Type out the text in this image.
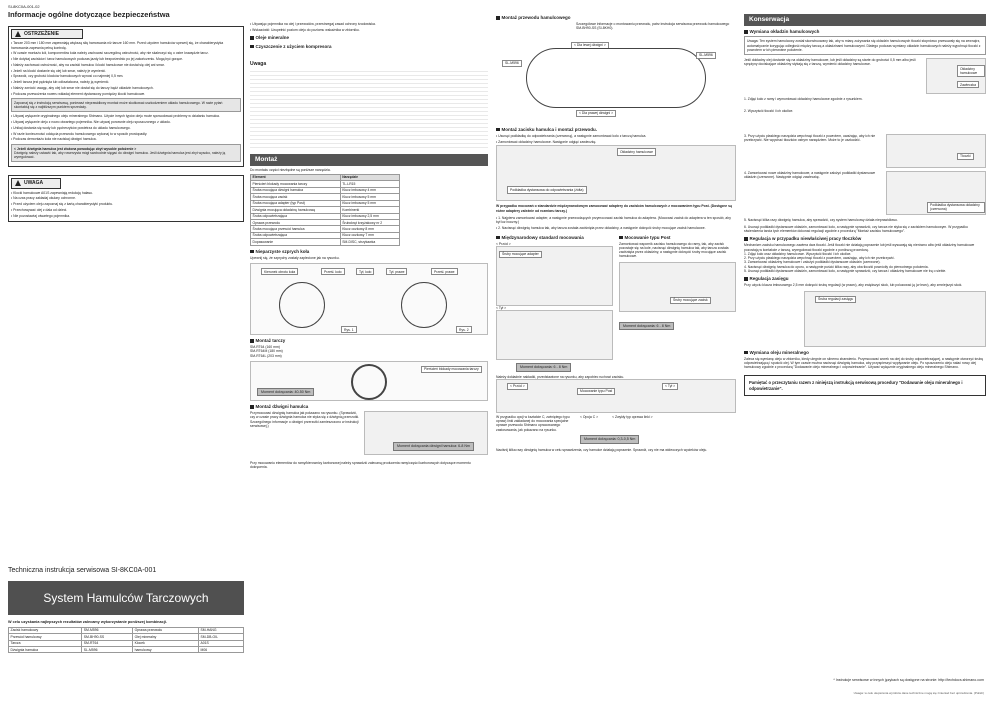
SI-8KC0A-001-02
Informacje ogólne dotyczące bezpieczeństwa
OSTRZEŻENIE
• Tarcze 203 mm i 180 mm zapewniają większą siłę hamowania niż tarcze 160 mm. Przed użyciem hamulców upewnij się, że charakterystyka hamowania zapewnia pełną kontrolę.
• W czasie montażu kół, komponentów koła należy zachować szczególną ostrożność, aby nie skaleczyć się o ostre krawędzie tarcz.
• Nie dotykaj zacisków i tarcz hamulcowych podczas jazdy lub bezpośrednio po jej zakończeniu. Mogą być gorące.
• Należy zachować ostrożność, aby na zaciski hamulca i klocki hamulcowe nie dostał się olej ani smar.
• Jeżeli na klocki dostanie się olej lub smar, należy je wymienić.
• Sprawdź, czy grubość klocków hamulcowych wynosi co najmniej 0,5 mm.
• Jeżeli tarcza jest pęknięta lub odkształcona, należy ją wymienić.
• Należy zwrócić uwagę, aby olej lub smar nie dostał się do tarczy bądź okładzin hamulcowych.
• Podczas przewożenia roweru wkładaj element dystansowy pomiędzy klocki hamulcowe.
Zapoznaj się z instrukcją serwisową, ponieważ nieprawidłowy montaż może skutkować uszkodzeniem układu hamulcowego. W razie pytań skontaktuj się z najbliższym punktem sprzedaży.
• Używaj wyłącznie oryginalnego oleju mineralnego Shimano. Użycie innych typów oleju może spowodować problemy w działaniu hamulca.
• Używaj wyłącznie oleju z nowo otwartego pojemnika. Nie używaj ponownie oleju spuszczonego z układu.
• Unikaj dostania się wody lub pęcherzyków powietrza do układu hamulcowego.
• W razie konieczności odcięcia przewodu hamulcowego wykonaj to w sposób prostopadły.
• Podczas demontażu koła nie naciskaj dźwigni hamulca.
< Jeżeli dźwignia hamulca jest złożona powodując zbyt wysokie położenie >
Dźwignię należy ustawić tak, aby rowerzysta mógł swobodnie sięgać do dźwigni hamulca. Jeśli dźwignia hamulca jest zbyt wysoko, należy ją wyregulować.
UWAGA
• Klocki hamulcowe A01S zapewniają redukcję hałasu.
• Na czas pracy zakładaj okulary ochronne.
• Przed użyciem oleju zapoznaj się z kartą charakterystyki produktu.
• Przechowywać olej z dala od dzieci.
• Nie pozostawiaj otwartego pojemnika.
Techniczna instrukcja serwisowa SI-8KC0A-001
System Hamulców Tarczowych
W celu uzyskania najlepszych rezultatów zalecamy wykorzystanie poniższej kombinacji.
Zacisk hamulcowy	SM-M596	Oprawa przewodu	SM-HANG
Przewód hamulcowy	SM-BH90-SS	Olej mineralny	SM-DB-OIL
Tarcza	SM-RT64	Klocek	A01S
Dźwignia hamulca	SL-M596	hamulcowy	M06
• Używając pojemnika na olej i przewodów, przestrzegaj zasad ochrony środowiska.
• Wskazówki: Uzupełnić poziom oleju do poziomu wskaźnika w zbiorniku.
Oleje mineralne
Czyszczenie z użyciem kompresora
Uwaga
Montaż
Do montażu części niezbędne są poniższe narzędzia.
Element	Narzędzie
Pierścień blokady mocowania tarczy	TL-LR15
Śruba mocująca dźwigni hamulca	Klucz imbusowy 4 mm
Śruba mocująca zacisk	Klucz imbusowy 5 mm
Śruba mocująca adapter (typ Post)	Klucz imbusowy 5 mm
Dźwignia mocująca okładzinę hamulcową	Kombinerki
Śruba odpowietrzająca	Klucz imbusowy 2,5 mm
Oprawa przewodu	Śrubokręt krzyżakowy nr 2
Śruba mocująca przewód hamulca	Klucz oczkowy 8 mm
Śruba odpowietrzająca	Klucz oczkowy 7 mm
Dopasowanie	SM-DISC, strzykawka
Nieparzyste szprych koła
Upewnij się, że szprychy zostały zaplecione jak na rysunku.
Kierunek obrotu koła	Prześl. koło	Tył, koło	Tył. prawe	Prześl. prawe
Rys. 1	Rys. 2
Montaż tarczy
SM-RT64 (160 mm)
SM-RT64M (180 mm)
SM-RT64L (203 mm)
Pierścień blokady mocowania tarczy
Moment dokręcania: 40-50 Nm
Montaż dźwigni hamulca
Przymocować dźwignię hamulca jak pokazano na rysunku. (Sprawdzić, czy w czasie pracy dźwignia hamulca nie styka się z dźwignią przerzutki. Szczególnego informacje o dźwigni przerzutki zamieszczono w instrukcji serwisowej.)
Moment dokręcania dźwigni hamulca: 6-8 Nm
Przy mocowaniu elementów do ramy/kierownicy karbonowej należy sprawdzić zalecaną producenta ramy/części karbonowych dotyczące momentu dokręcenia.
Montaż przewodu hamulcowego
Szczegółowe informacje o montowaniu przewodu, patrz instrukcja serwisowa przewodu hamulcowego SM-BH90-SS (SI-8KH0).
< Dla lewej dźwigni >
SL-M596
SL-M596
< Dla prawej dźwigni >
Montaż zacisku hamulca i montaż przewodu.
• Usunąć podkładkę do odpowietrzania (czerwoną), a następnie zamontować koło z tarczą hamulca.
• Zamontować okładziny hamulcowe. Następnie odgiąć zawleczkę.
Okładziny hamulcowe
Podkładka dystansowa do odpowietrzania (żółta)
W przypadku mocowań o standardzie międzynarodowym zamocować adaptery do zacisków hamulcowych z mocowaniem typu Post. (Dostępne są różne adaptery zależnie od rozmiaru tarczy.)
• 1. Najpierw zamontować adapter, a następnie przewodzących przymocować zacisk hamulca do adaptera. (Mocować zacisk do adaptera w ten sposób, aby był luz boczny.)
• 2. Nacisnąć dźwignię hamulca tak, aby tarcza została zaciśnięta przez okładziny, a następnie dokręcić śruby mocujące zacisk hamulcowe.
Międzynarodowy standard mocowania
< Przód >
Śruby mocujące adapter
< Tył >
Mocowanie typu Post
Zamontować wspornik zacisku hamulcowego do ramy, tak, aby zacisk pozostaje się na kole, nacisnąć dźwignię hamulca tak, aby tarcza została zaciśnięta przez okładziny, a następnie dokręcić śruby mocujące zacisk hamulcowe.
Śruby mocujące zacisk
Moment dokręcania: 6 - 8 Nm
Moment dokręcania: 6 - 8 Nm
Należy dokładnie nakładki, przedstawione na rysunku, aby zapobiec ruchowi zacisku.
< Przód >
Mocowanie typu Post
< Tył >
W przypadku opcji w kształcie C, zwiniętego typu opraw) linki zakładanej do mocowania specjalne oprawe przewodu Shimano opracowanego zastosowania, jak pokazano na rysunku.
< Opcja C >	< Zwykły typ oprawa linki >
Moment dokręcania: 0,3-0,5 Nm
Naciśnij kilka razy dźwignię hamulca w celu sprawdzenia, czy hamulce działają poprawnie. Sprawdź, czy nie ma wideoczych wycieków oleju.
Konserwacja
Wymiana okładzin hamulcowych
Uwaga: Ten system hamulcowy został skonstruowany tak, aby w miarę zużywania się okładzin hamulcowych tłoczki stopniowo przesuwały się na zewnątrz, automatycznie korygując odległość między tarczą a okładzinami hamulcowymi. Dlatego podczas wymiany okładzin hamulcowych należy wypchnąć tłoczki z powrotem w ich pierwotne położenie.
Jeśli dokładny olej dostanie się na okładziny hamulcowe, lub jeśli okładziny są starte do grubości 0,5 mm albo jeśli sprężyny dociskające okładziny stykają się z tarczą, wymienić okładziny hamulcowe.
Okładziny hamulcowe
Zawleczka
1. Zdjąć koło z ramy i wymontować okładziny hamulcowe zgodnie z rysunkiem.
2. Wyczyścić tłoczki i ich okolice.
3. Przy użyciu płaskiego narzędzia wepchnąć tłoczki z powrotem, uważając, aby ich nie przekrzywić. Nie wpychać tłoczków ostrym narzędziem. Może to je uszkodzić.
Tłoczki
4. Zamontować nowe okładziny hamulcowe, a następnie założyć podkładki dystansowe okładzin (czerwone). Następnie odgiąć zawleczkę.
Podkładka dystansowa okładziny (czerwona)
5. Nacisnąć kilka razy dźwignię hamulca, aby sprawdzić, czy system hamulcowy działa nieprawidłowo.
6. Usunąć podkładki dystansowe okładzin, zamontować koło, a następnie sprawdzić, czy tarcza nie styka się z zaciskiem hamulcowym. W przypadku stwierdzenia tarcia tych elementów dokonać regulacji zgodnie z procedurą "Montaż zacisku hamulcowego".
Regulacja w przypadku niewłaściwej pracy tłoczków
Mechanizm zacisku hamulcowego zawiera dwa tłoczki. Jeśli tłoczki nie działają poprawnie lub jeśli wysuwają się nierówno albo jeśli okładziny hamulcowe pozostają w kontakcie z tarczą, wyregulować tłoczki zgodnie z poniższą procedurą.
1. Zdjąć koło oraz okładziny hamulcowe. Wyczyścić tłoczki i ich okolice.
2. Przy użyciu płaskiego narzędzia wepchnąć tłoczki z powrotem, uważając, aby ich nie przekrzywić.
3. Zamontować okładziny hamulcowe i założyć podkładki dystansowe okładzin (czerwone).
4. Nacisnąć dźwignię hamulca do oporu, a następnie puścić kilka razy, aby oba tłoczki powróciły do pierwotnego położenia.
5. Usunąć podkładki dystansowe okładzin, zamontować koło, a następnie sprawdzić, czy tarcza i okładziny hamulcowe nie trą o siebie.
Regulacja zasięgu
Przy użyciu klucza imbusowego 2,5 mm dokręcić śrubę regulacji (w prawo), aby zwiększyć skok, lub poluzować ją (w lewo), aby zmniejszyć skok.
Śruba regulacji zasięgu
Wymiana oleju mineralnego
Zaleca się wymianę oleju w zbiorniku, kiedy ulegnie on silnemu zbarwieniu. Przymocować worek na olej do śruby odpowietrzającej, a następnie otworzyć śrubę odpowietrzającą i spuścić olej. W tym czasie można nacisnąć dźwignię hamulca, aby przyspieszyć wypływanie oleju. Po spuszczeniu oleju nalać nowy olej hamulcowy zgodnie z procedurą "Dodawanie oleju mineralnego i odpowietrzanie". Używać wyłącznie oryginalnego oleju mineralnego Shimano.
Pamiętać o przeczytaniu razem z niniejszą instrukcją serwisową procedury "Dodawanie oleju mineralnego i odpowietrzanie".
* Instrukcje serwisowe w innych językach są dostępne na stronie: http://techdocs.shimano.com
Uwaga: w celu ulepszenia wyrobów dane techniczne mogą się zmieniać bez uprzedzenia. (Polish)
